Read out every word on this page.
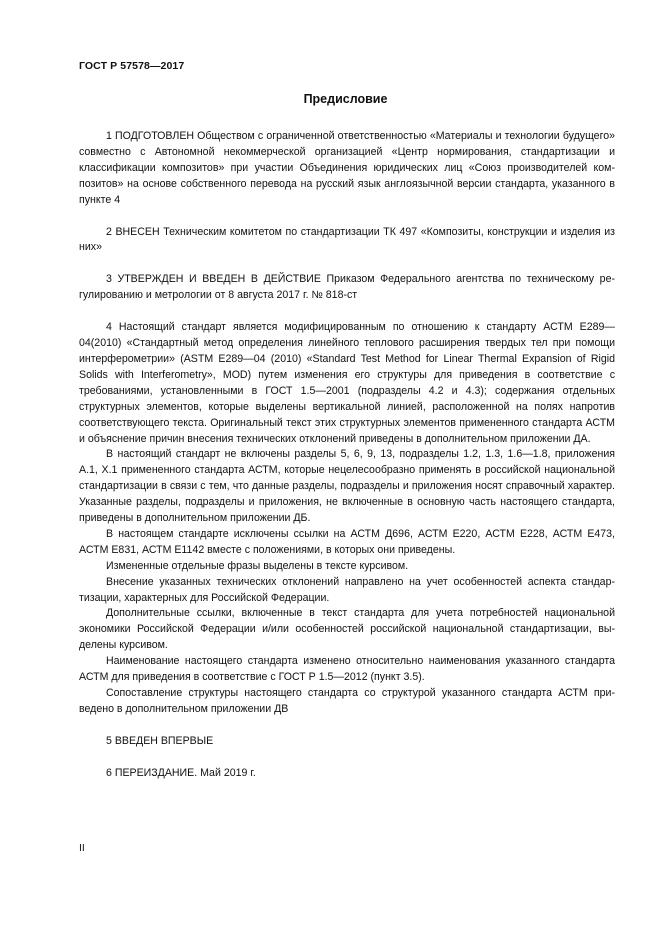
ГОСТ Р 57578—2017
Предисловие

1 ПОДГОТОВЛЕН Обществом с ограниченной ответственностью «Материалы и технологии будущего» совместно с Автономной некоммерческой организацией «Центр нормирования, стандартизации и классификации композитов» при участии Объединения юридических лиц «Союз производителей композитов» на основе собственного перевода на русский язык англоязычной версии стандарта, указанного в пункте 4

2 ВНЕСЕН Техническим комитетом по стандартизации ТК 497 «Композиты, конструкции и изделия из них»

3 УТВЕРЖДЕН И ВВЕДЕН В ДЕЙСТВИЕ Приказом Федерального агентства по техническому регулированию и метрологии от 8 августа 2017 г. № 818-ст

4 Настоящий стандарт является модифицированным по отношению к стандарту АСТМ Е289—04(2010) «Стандартный метод определения линейного теплового расширения твердых тел при помощи интерферометрии» (ASTM E289—04 (2010) «Standard Test Method for Linear Thermal Expansion of Rigid Solids with Interferometry», MOD) путем изменения его структуры для приведения в соответствие с требованиями, установленными в ГОСТ 1.5—2001 (подразделы 4.2 и 4.3); содержания отдельных структурных элементов, которые выделены вертикальной линией, расположенной на полях напротив соответствующего текста. Оригинальный текст этих структурных элементов примененного стандарта АСТМ и объяснение причин внесения технических отклонений приведены в дополнительном приложении ДА.

В настоящий стандарт не включены разделы 5, 6, 9, 13, подразделы 1.2, 1.3, 1.6—1.8, приложения А.1, Х.1 примененного стандарта АСТМ, которые нецелесообразно применять в российской национальной стандартизации в связи с тем, что данные разделы, подразделы и приложения носят справочный характер. Указанные разделы, подразделы и приложения, не включенные в основную часть настоящего стандарта, приведены в дополнительном приложении ДБ.

В настоящем стандарте исключены ссылки на АСТМ Д696, АСТМ Е220, АСТМ Е228, АСТМ Е473, АСТМ Е831, АСТМ Е1142 вместе с положениями, в которых они приведены.

Измененные отдельные фразы выделены в тексте курсивом.

Внесение указанных технических отклонений направлено на учет особенностей аспекта стандартизации, характерных для Российской Федерации.

Дополнительные ссылки, включенные в текст стандарта для учета потребностей национальной экономики Российской Федерации и/или особенностей российской национальной стандартизации, выделены курсивом.

Наименование настоящего стандарта изменено относительно наименования указанного стандарта АСТМ для приведения в соответствие с ГОСТ Р 1.5—2012 (пункт 3.5).

Сопоставление структуры настоящего стандарта со структурой указанного стандарта АСТМ приведено в дополнительном приложении ДВ

5 ВВЕДЕН ВПЕРВЫЕ

6 ПЕРЕИЗДАНИЕ. Май 2019 г.

II
